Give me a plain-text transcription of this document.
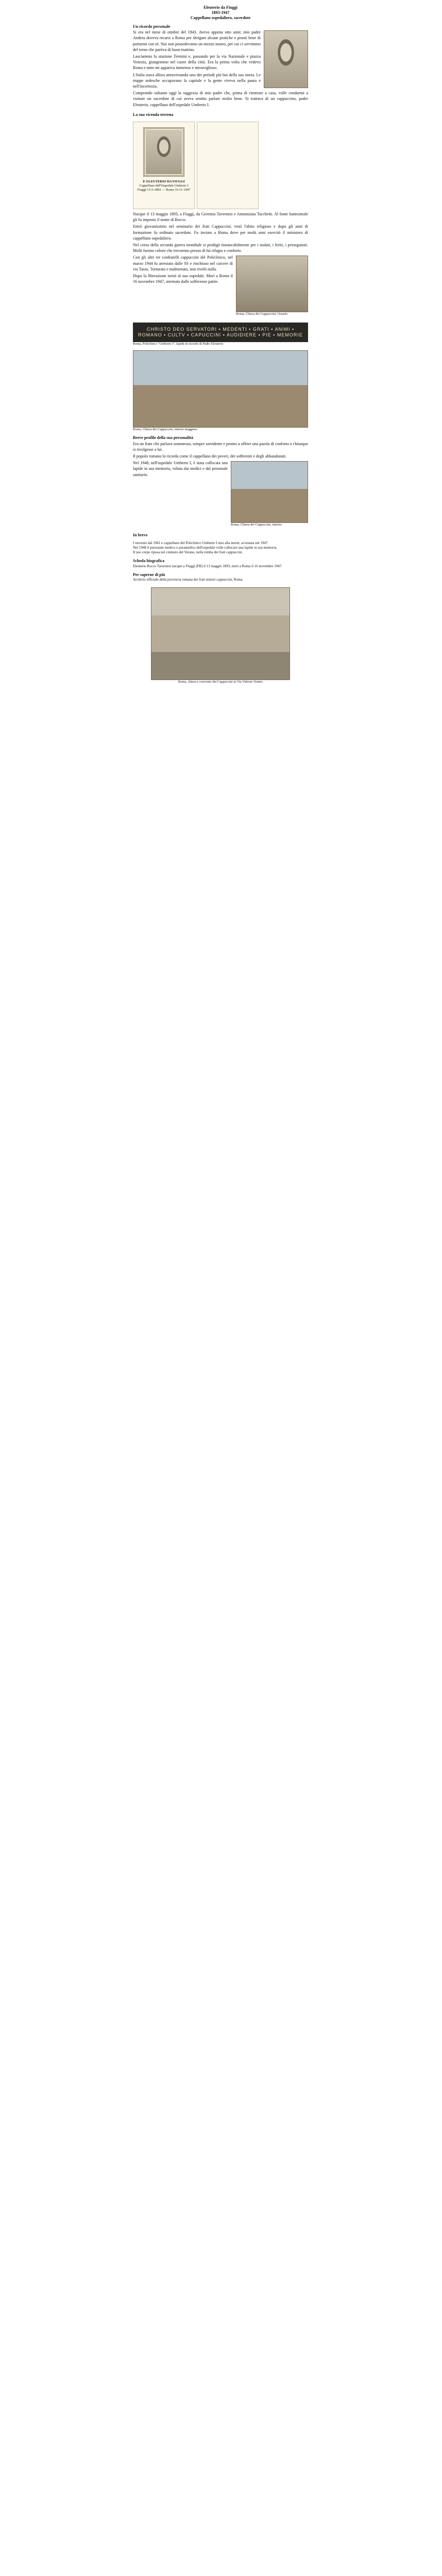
Eleuterio da Fiuggi
1893-1947
Cappellano ospedaliero, sacerdote
Un ricordo personale

Si era nel mese di ottobre del 1943. Avevo appena otto anni; mio padre Andrea doveva recarsi a Roma per sbrigare alcune pratiche e pensò bene di portarmi con sé. Noi non possedevamo un mezzo nostro, per cui ci servimmo del treno che partiva di buon mattino.

Lasciammo la stazione Termini e, passando per la via Nazionale e piazza Venezia, giungemmo nel cuore della città. Era la prima volta che vedevo Roma e tutto mi appariva immenso e meraviglioso.

L'Italia stava allora attraversando uno dei periodi più bui della sua storia. Le truppe tedesche occupavano la capitale e la gente viveva nella paura e nell'incertezza.

Comprendo soltanto oggi la saggezza di mio padre che, prima di rientrare a casa, volle condurmi a visitare un sacerdote di cui aveva sentito parlare molto bene. Si trattava di un cappuccino, padre Eleuterio, cappellano dell'ospedale Umberto I.

La sua vicenda terrena
P. ELEUTERIO DA FIUGGI
Cappellano dell'Ospedale Umberto I
Fiuggi 13-5-1893 — Roma 16-11-1947

Nacque il 13 maggio 1893, a Fiuggi, da Geremia Tavernesi e Annunziata Tacchetti. Al fonte battesimale gli fu imposto il nome di Rocco.

Entrò giovanissimo nel seminario dei frati Cappuccini; vestì l'abito religioso e dopo gli anni di formazione fu ordinato sacerdote. Fu inviato a Roma dove per molti anni esercitò il ministero di cappellano ospedaliero.

Nel corso della seconda guerra mondiale si prodigò instancabilmente per i malati, i feriti, i perseguitati. Molti furono coloro che trovarono presso di lui rifugio e conforto.

Roma, Chiesa dei Cappuccini, Ossario

Con gli altri tre confratelli cappuccini del Policlinico, nel marzo 1944 fu arrestato dalle SS e rinchiuso nel carcere di via Tasso. Torturato e malmenato, non rivelò nulla.

Dopo la liberazione tornò al suo ospedale. Morì a Roma il 16 novembre 1947, stremato dalle sofferenze patite.

CHRISTO DEO SERVATORI ▪ MEDENTI ▪ GRATI ▪ ANIMI ▪ ROMANO ▪ CULTV ▪ CAPUCCINI ▪ AUDIDIERE ▪ PIE ▪ MEMORIE
Roma, Policlinico "Umberto I", lapide in ricordo di Padre Eleuterio
Roma, Chiesa dei Cappuccini, interno maggiore
Breve profilo della sua personalità

Era un frate che parlava sommesso, sempre sorridente e pronto a offrire una parola di conforto a chiunque si rivolgesse a lui.

Il popolo romano lo ricorda come il cappellano dei poveri, dei sofferenti e degli abbandonati.

Roma, Chiesa dei Cappuccini, interno

Nel 1948, nell'ospedale Umberto I, è stata collocata una lapide in sua memoria, voluta dai medici e dal personale sanitario.

In breve
Convento dal 1941 e cappellano del Policlinico Umberto I sino alla morte, avvenuta nel 1947.
Nel 1948 il personale medico e paramedico dell'ospedale volle collocare una lapide in sua memoria.
Il suo corpo riposa nel cimitero del Verano, nella tomba dei frati cappuccini.
Scheda biografica
Eleuterio Rocco Tavernesi nacque a Fiuggi (FR) il 13 maggio 1893, morì a Roma il 16 novembre 1947.
Per saperne di più
Archivio ufficiale della provincia romana dei frati minori cappuccini, Roma.
Roma, chiesa e convento dei Cappuccini in Via Vittorio Veneto
